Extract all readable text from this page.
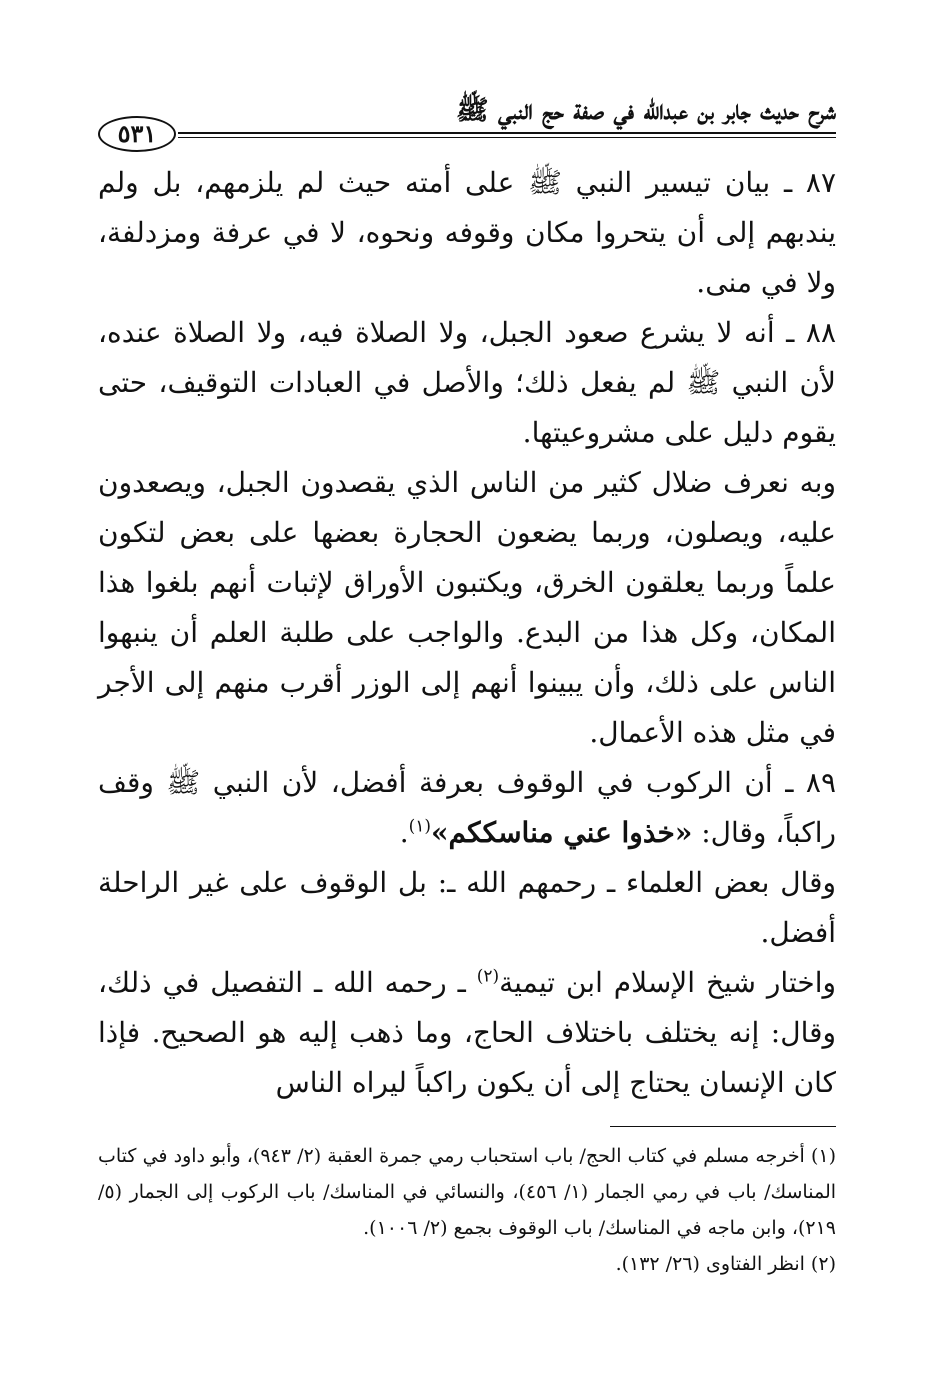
شرح حديث جابر بن عبدالله في صفة حج النبي ﷺ
٥٣١

٨٧ ـ بيان تيسير النبي ﷺ على أمته حيث لم يلزمهم، بل ولم يندبهم إلى أن يتحروا مكان وقوفه ونحوه، لا في عرفة ومزدلفة، ولا في منى.

٨٨ ـ أنه لا يشرع صعود الجبل، ولا الصلاة فيه، ولا الصلاة عنده، لأن النبي ﷺ لم يفعل ذلك؛ والأصل في العبادات التوقيف، حتى يقوم دليل على مشروعيتها.

وبه نعرف ضلال كثير من الناس الذي يقصدون الجبل، ويصعدون عليه، ويصلون، وربما يضعون الحجارة بعضها على بعض لتكون علماً وربما يعلقون الخرق، ويكتبون الأوراق لإثبات أنهم بلغوا هذا المكان، وكل هذا من البدع. والواجب على طلبة العلم أن ينبهوا الناس على ذلك، وأن يبينوا أنهم إلى الوزر أقرب منهم إلى الأجر في مثل هذه الأعمال.

٨٩ ـ أن الركوب في الوقوف بعرفة أفضل، لأن النبي ﷺ وقف راكباً، وقال: «خذوا عني مناسككم»$^{(١)}$.

وقال بعض العلماء ـ رحمهم الله ـ: بل الوقوف على غير الراحلة أفضل.

واختار شيخ الإسلام ابن تيمية$^{(٢)}$ ـ رحمه الله ـ التفصيل في ذلك، وقال: إنه يختلف باختلاف الحاج، وما ذهب إليه هو الصحيح. فإذا كان الإنسان يحتاج إلى أن يكون راكباً ليراه الناس

(١) أخرجه مسلم في كتاب الحج/ باب استحباب رمي جمرة العقبة (٢/ ٩٤٣)، وأبو داود في كتاب المناسك/ باب في رمي الجمار (١/ ٤٥٦)، والنسائي في المناسك/ باب الركوب إلى الجمار (٥/ ٢١٩)، وابن ماجه في المناسك/ باب الوقوف بجمع (٢/ ١٠٠٦).

(٢) انظر الفتاوى (٢٦/ ١٣٢).
